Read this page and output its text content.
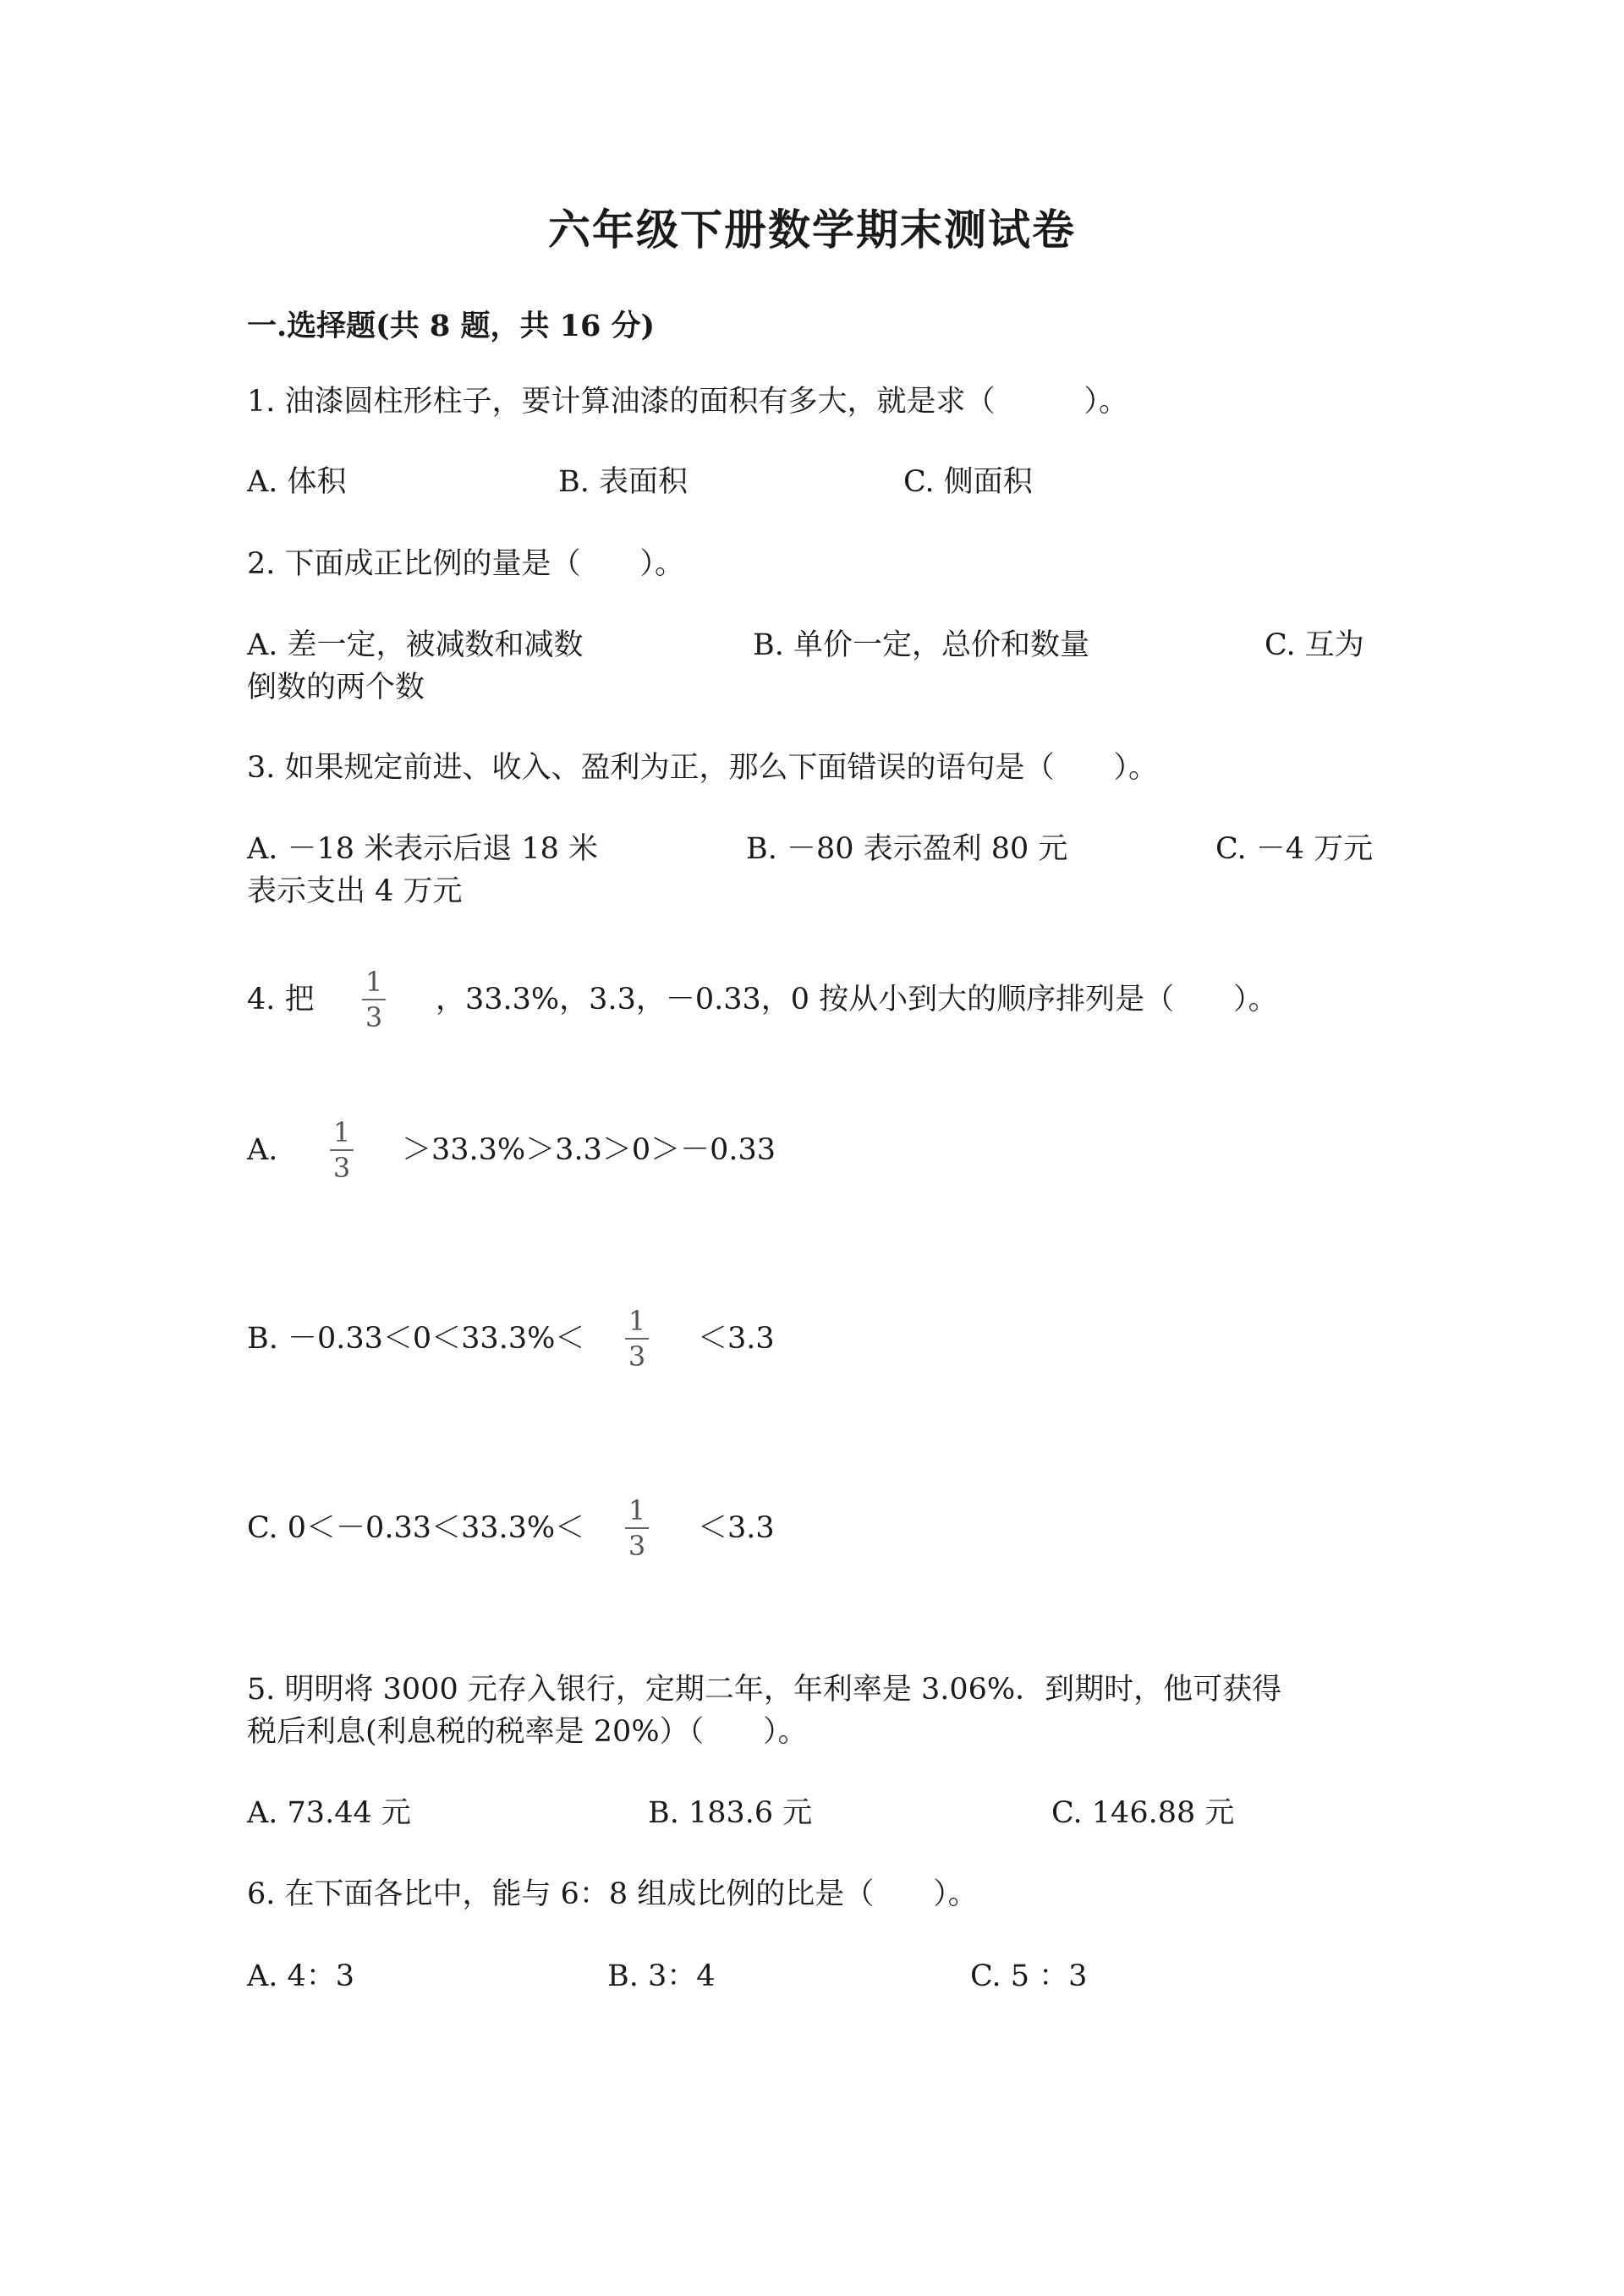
六年级下册数学期末测试卷
一.选择题(共 8 题，共 16 分)
1. 油漆圆柱形柱子，要计算油漆的面积有多大，就是求（　　　）。
A. 体积	B. 表面积	C. 侧面积
2. 下面成正比例的量是（　　）。
A. 差一定，被减数和减数	B. 单价一定，总价和数量	C. 互为
倒数的两个数
3. 如果规定前进、收入、盈利为正，那么下面错误的语句是（　　）。
A. －18 米表示后退 18 米	B. －80 表示盈利 80 元	C. －4 万元
表示支出 4 万元
4. 把
1
3
，33.3%，3.3，－0.33，0 按从小到大的顺序排列是（　　）。
A.
1
3
＞33.3%＞3.3＞0＞－0.33
B. －0.33＜0＜33.3%＜
1
3
＜3.3
C. 0＜－0.33＜33.3%＜
1
3
＜3.3
5. 明明将 3000 元存入银行，定期二年，年利率是 3.06%．到期时，他可获得
税后利息(利息税的税率是 20%）（　　）。
A. 73.44 元	B. 183.6 元	C. 146.88 元
6. 在下面各比中，能与 6：8 组成比例的比是（　　）。
A. 4：3	B. 3：4	C. 5 ：3
